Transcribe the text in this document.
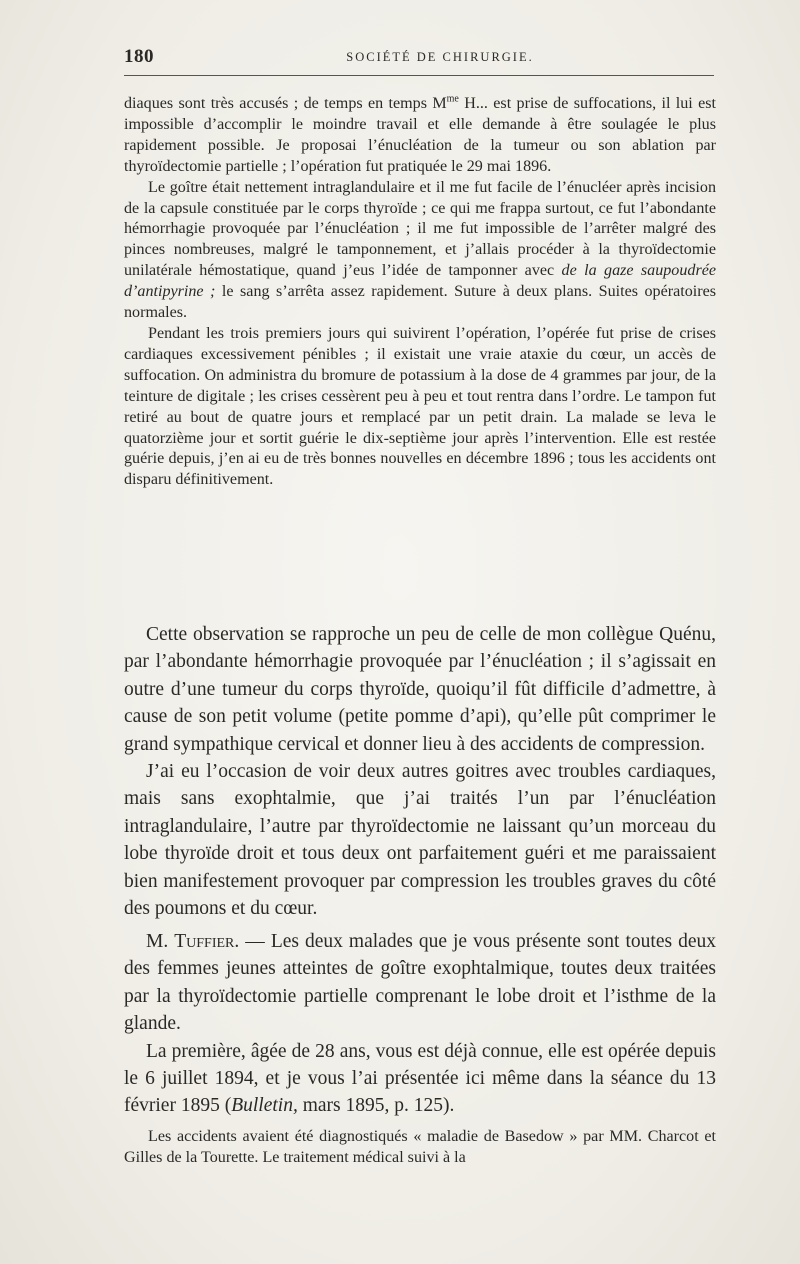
180	SOCIÉTÉ DE CHIRURGIE.

diaques sont très accusés ; de temps en temps $M^{me}$ H... est prise de suffocations, il lui est impossible d’accomplir le moindre travail et elle demande à être soulagée le plus rapidement possible. Je proposai l’énucléation de la tumeur ou son ablation par thyroïdectomie partielle ; l’opération fut pratiquée le 29 mai 1896.

Le goître était nettement intraglandulaire et il me fut facile de l’énucléer après incision de la capsule constituée par le corps thyroïde ; ce qui me frappa surtout, ce fut l’abondante hémorrhagie provoquée par l’énucléation ; il me fut impossible de l’arrêter malgré des pinces nombreuses, malgré le tamponnement, et j’allais procéder à la thyroïdectomie unilatérale hémostatique, quand j’eus l’idée de tamponner avec de la gaze saupoudrée d’antipyrine ; le sang s’arrêta assez rapidement. Suture à deux plans. Suites opératoires normales.

Pendant les trois premiers jours qui suivirent l’opération, l’opérée fut prise de crises cardiaques excessivement pénibles ; il existait une vraie ataxie du cœur, un accès de suffocation. On administra du bromure de potassium à la dose de 4 grammes par jour, de la teinture de digitale ; les crises cessèrent peu à peu et tout rentra dans l’ordre. Le tampon fut retiré au bout de quatre jours et remplacé par un petit drain. La malade se leva le quatorzième jour et sortit guérie le dix-septième jour après l’intervention. Elle est restée guérie depuis, j’en ai eu de très bonnes nouvelles en décembre 1896 ; tous les accidents ont disparu définitivement.

Cette observation se rapproche un peu de celle de mon collègue Quénu, par l’abondante hémorrhagie provoquée par l’énucléation ; il s’agissait en outre d’une tumeur du corps thyroïde, quoiqu’il fût difficile d’admettre, à cause de son petit volume (petite pomme d’api), qu’elle pût comprimer le grand sympathique cervical et donner lieu à des accidents de compression.

J’ai eu l’occasion de voir deux autres goitres avec troubles cardiaques, mais sans exophtalmie, que j’ai traités l’un par l’énucléation intraglandulaire, l’autre par thyroïdectomie ne laissant qu’un morceau du lobe thyroïde droit et tous deux ont parfaitement guéri et me paraissaient bien manifestement provoquer par compression les troubles graves du côté des poumons et du cœur.

M. Tuffier. — Les deux malades que je vous présente sont toutes deux des femmes jeunes atteintes de goître exophtalmique, toutes deux traitées par la thyroïdectomie partielle comprenant le lobe droit et l’isthme de la glande.

La première, âgée de 28 ans, vous est déjà connue, elle est opérée depuis le 6 juillet 1894, et je vous l’ai présentée ici même dans la séance du 13 février 1895 (Bulletin, mars 1895, p. 125).

Les accidents avaient été diagnostiqués « maladie de Basedow » par MM. Charcot et Gilles de la Tourette. Le traitement médical suivi à la
